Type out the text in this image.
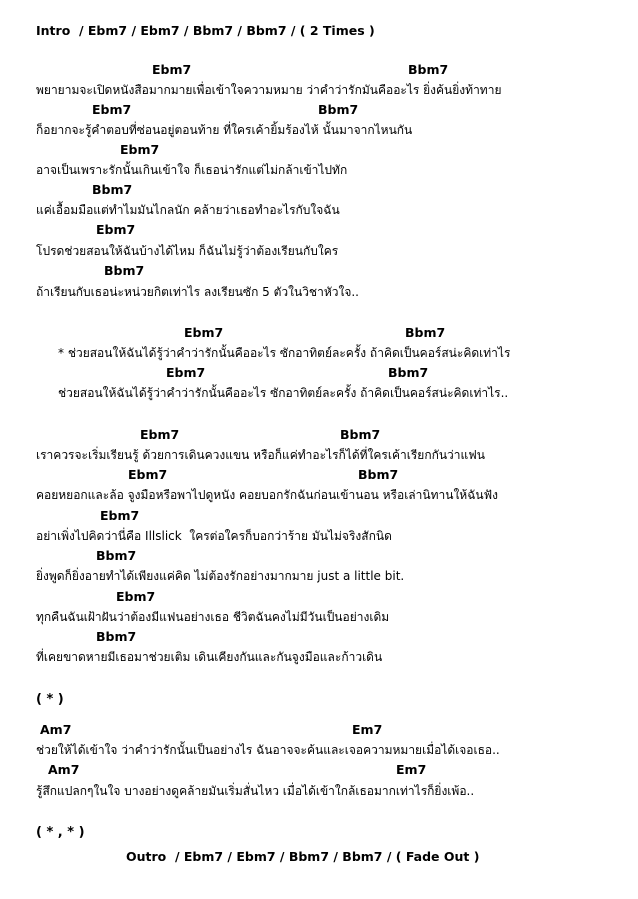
Intro  / Ebm7 / Ebm7 / Bbm7 / Bbm7 / ( 2 Times )
Ebm7	Bbm7
พยายามจะเปิดหนังสือมากมายเพื่อเข้าใจความหมาย ว่าคำว่ารักมันคืออะไร ยิ่งค้นยิ่งท้าทาย
Ebm7	Bbm7
ก็อยากจะรู้คำตอบที่ซ่อนอยู่ตอนท้าย ที่ใครเค้ายิ้มร้องไห้ นั้นมาจากไหนกัน
Ebm7
อาจเป็นเพราะรักนั้นเกินเข้าใจ ก็เธอน่ารักแต่ไม่กล้าเข้าไปทัก
Bbm7
แค่เอื้อมมือแต่ทำไมมันไกลนัก คล้ายว่าเธอทำอะไรกับใจฉัน
Ebm7
โปรดช่วยสอนให้ฉันบ้างได้ไหม ก็ฉันไม่รู้ว่าต้องเรียนกับใคร
Bbm7
ถ้าเรียนกับเธอน่ะหน่วยกิตเท่าไร ลงเรียนซัก 5 ตัวในวิชาหัวใจ..
Ebm7	Bbm7
* ช่วยสอนให้ฉันได้รู้ว่าคำว่ารักนั้นคืออะไร ซักอาทิตย์ละครั้ง ถ้าคิดเป็นคอร์สน่ะคิดเท่าไร
Ebm7	Bbm7
ช่วยสอนให้ฉันได้รู้ว่าคำว่ารักนั้นคืออะไร ซักอาทิตย์ละครั้ง ถ้าคิดเป็นคอร์สน่ะคิดเท่าไร..
Ebm7	Bbm7
เราควรจะเริ่มเรียนรู้ ด้วยการเดินควงแขน หรือก็แค่ทำอะไรก็ได้ที่ใครเค้าเรียกกันว่าแฟน
Ebm7	Bbm7
คอยหยอกและล้อ จูงมือหรือพาไปดูหนัง คอยบอกรักฉันก่อนเข้านอน หรือเล่านิทานให้ฉันฟัง
Ebm7
อย่าเพิ่งไปคิดว่านี่คือ Illslick  ใครต่อใครก็บอกว่าร้าย มันไม่จริงสักนิด
Bbm7
ยิ่งพูดก็ยิ่งอายทำได้เพียงแค่คิด ไม่ต้องรักอย่างมากมาย just a little bit.
Ebm7
ทุกคืนฉันเฝ้าฝันว่าต้องมีแฟนอย่างเธอ ชีวิตฉันคงไม่มีวันเป็นอย่างเดิม
Bbm7
ที่เคยขาดหายมีเธอมาช่วยเติม เดินเคียงกันและกันจูงมือและก้าวเดิน
( * )
Am7	Em7
ช่วยให้ได้เข้าใจ ว่าคำว่ารักนั้นเป็นอย่างไร ฉันอาจจะค้นและเจอความหมายเมื่อได้เจอเธอ..
Am7	Em7
รู้สึกแปลกๆในใจ บางอย่างดูคล้ายมันเริ่มสั่นไหว เมื่อได้เข้าใกล้เธอมากเท่าไรก็ยิ่งเพ้อ..
( * , * )
Outro  / Ebm7 / Ebm7 / Bbm7 / Bbm7 / ( Fade Out )
